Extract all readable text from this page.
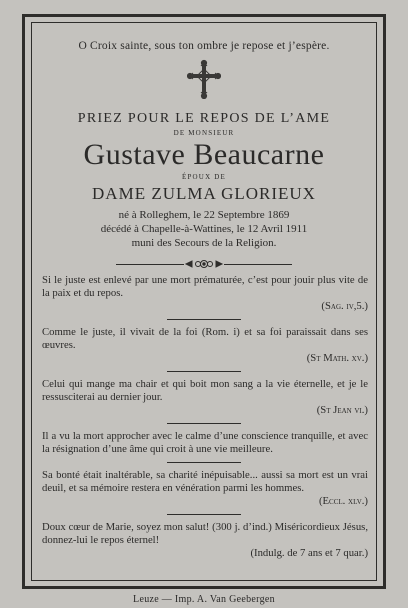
O Croix sainte, sous ton ombre je repose et j’espère.
PRIEZ POUR LE REPOS DE L’AME
DE MONSIEUR
Gustave Beaucarne
ÉPOUX DE
DAME ZULMA GLORIEUX
né à Rolleghem, le 22 Septembre 1869
décédé à Chapelle-à-Wattines, le 12 Avril 1911
muni des Secours de la Religion.
Si le juste est enlevé par une mort prématurée, c’est pour jouir plus vite de la paix et du repos.
(Sag. iv,5.)
Comme le juste, il vivait de la foi (Rom. i) et sa foi paraissait dans ses œuvres.
(St Math. xv.)
Celui qui mange ma chair et qui boit mon sang a la vie éternelle, et je le ressusciterai au dernier jour.
(St Jean vi.)
Il a vu la mort approcher avec le calme d’une conscience tranquille, et avec la résignation d’une âme qui croit à une vie meilleure.
Sa bonté était inaltérable, sa charité inépuisable... aussi sa mort est un vrai deuil, et sa mémoire restera en vénération parmi les hommes.
(Eccl. xlv.)
Doux cœur de Marie, soyez mon salut! (300 j. d’ind.) Miséricordieux Jésus, donnez-lui le repos éternel!
(Indulg. de 7 ans et 7 quar.)
Leuze — Imp. A. Van Geebergen
